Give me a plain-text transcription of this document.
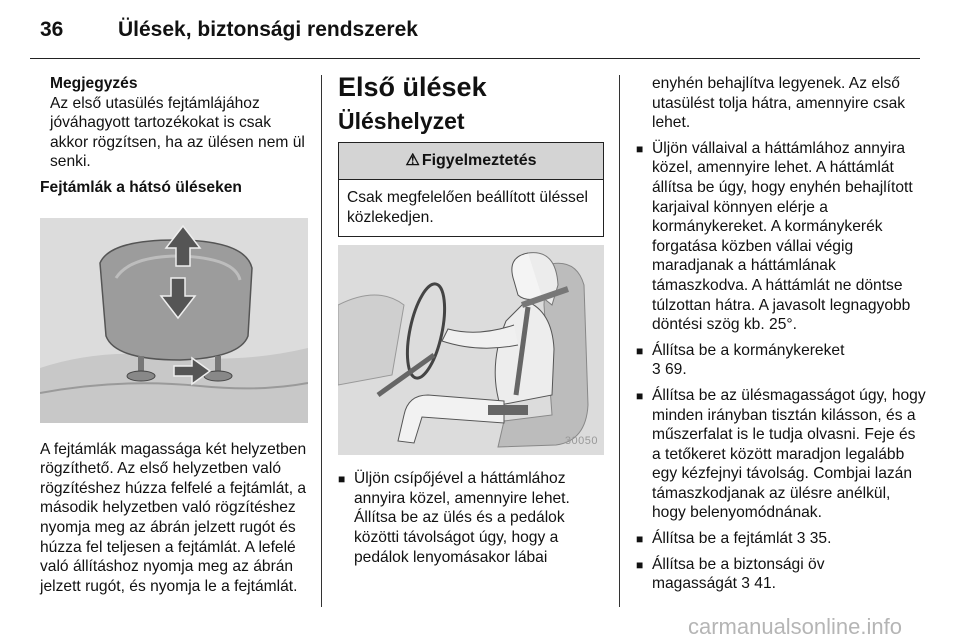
36	Ülések, biztonsági rendszerek
Megjegyzés
Az első utasülés fejtámlájához jóváhagyott tartozékokat is csak akkor rögzítsen, ha az ülésen nem ül senki.
Fejtámlák a hátsó üléseken
A fejtámlák magassága két helyzetben rögzíthető. Az első helyzetben való rögzítéshez húzza felfelé a fejtámlát, a második helyzetben való rögzítéshez nyomja meg az ábrán jelzett rugót és húzza fel teljesen a fejtámlát. A lefelé való állításhoz nyomja meg az ábrán jelzett rugót, és nyomja le a fejtámlát.
Első ülések
Üléshelyzet
⚠ Figyelmeztetés
Csak megfelelően beállított üléssel közlekedjen.
30050
■ Üljön csípőjével a háttámlához annyira közel, amennyire lehet. Állítsa be az ülés és a pedálok közötti távolságot úgy, hogy a pedálok lenyomásakor lábai
enyhén behajlítva legyenek. Az első utasülést tolja hátra, amennyire csak lehet.
■ Üljön vállaival a háttámlához annyira közel, amennyire lehet. A háttámlát állítsa be úgy, hogy enyhén behajlított karjaival könnyen elérje a kormánykereket. A kormánykerék forgatása közben vállai végig maradjanak a háttámlának támaszkodva. A háttámlát ne döntse túlzottan hátra. A javasolt legnagyobb döntési szög kb. 25°.
■ Állítsa be a kormánykereket
3 69.
■ Állítsa be az ülésmagasságot úgy, hogy minden irányban tisztán kilásson, és a műszerfalat is le tudja olvasni. Feje és a tetőkeret között maradjon legalább egy kézfejnyi távolság. Combjai lazán támaszkodjanak az ülésre anélkül, hogy belenyomódnának.
■ Állítsa be a fejtámlát 3 35.
■ Állítsa be a biztonsági öv
magasságát 3 41.
carmanualsonline.info
